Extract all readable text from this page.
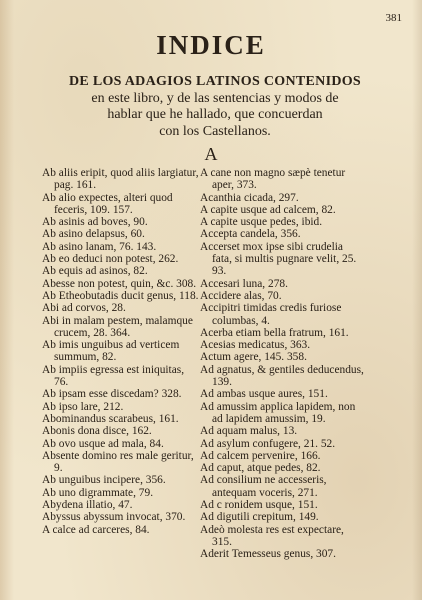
381
INDICE
DE LOS ADAGIOS LATINOS CONTENIDOS
en este libro, y de las sentencias y modos de
hablar que he hallado, que concuerdan
con los Castellanos.
A
Ab aliis eripit, quod aliis largiatur, pag. 161.
Ab alio expectes, alteri quod feceris, 109. 157.
Ab asinis ad boves, 90.
Ab asino delapsus, 60.
Ab asino lanam, 76. 143.
Ab eo deduci non potest, 262.
Ab equis ad asinos, 82.
Abesse non potest, quin, &c. 308.
Ab Etheobutadis ducit genus, 118.
Abi ad corvos, 28.
Abi in malam pestem, malamque crucem, 28. 364.
Ab imis unguibus ad verticem summum, 82.
Ab impiis egressa est iniquitas, 76.
Ab ipsam esse discedam? 328.
Ab ipso lare, 212.
Abominandus scarabeus, 161.
Abonis dona disce, 162.
Ab ovo usque ad mala, 84.
Absente domino res male geritur, 9.
Ab unguibus incipere, 356.
Ab uno digrammate, 79.
Abydena illatio, 47.
Abyssus abyssum invocat, 370.
A calce ad carceres, 84.
A cane non magno sæpè tenetur aper, 373.
Acanthia cicada, 297.
A capite usque ad calcem, 82.
A capite usque pedes, ibid.
Accepta candela, 356.
Accerset mox ipse sibi crudelia fata, si multis pugnare velit, 25. 93.
Accesari luna, 278.
Accidere alas, 70.
Accipitri timidas credis furiose columbas, 4.
Acerba etiam bella fratrum, 161.
Acesias medicatus, 363.
Actum agere, 145. 358.
Ad agnatus, & gentiles deducendus, 139.
Ad ambas usque aures, 151.
Ad amussim applica lapidem, non ad lapidem amussim, 19.
Ad aquam malus, 13.
Ad asylum confugere, 21. 52.
Ad calcem pervenire, 166.
Ad caput, atque pedes, 82.
Ad consilium ne accesseris, antequam voceris, 271.
Ad c ronidem usque, 151.
Ad digutili crepitum, 149.
Adeò molesta res est expectare, 315.
Aderit Temesseus genus, 307.
